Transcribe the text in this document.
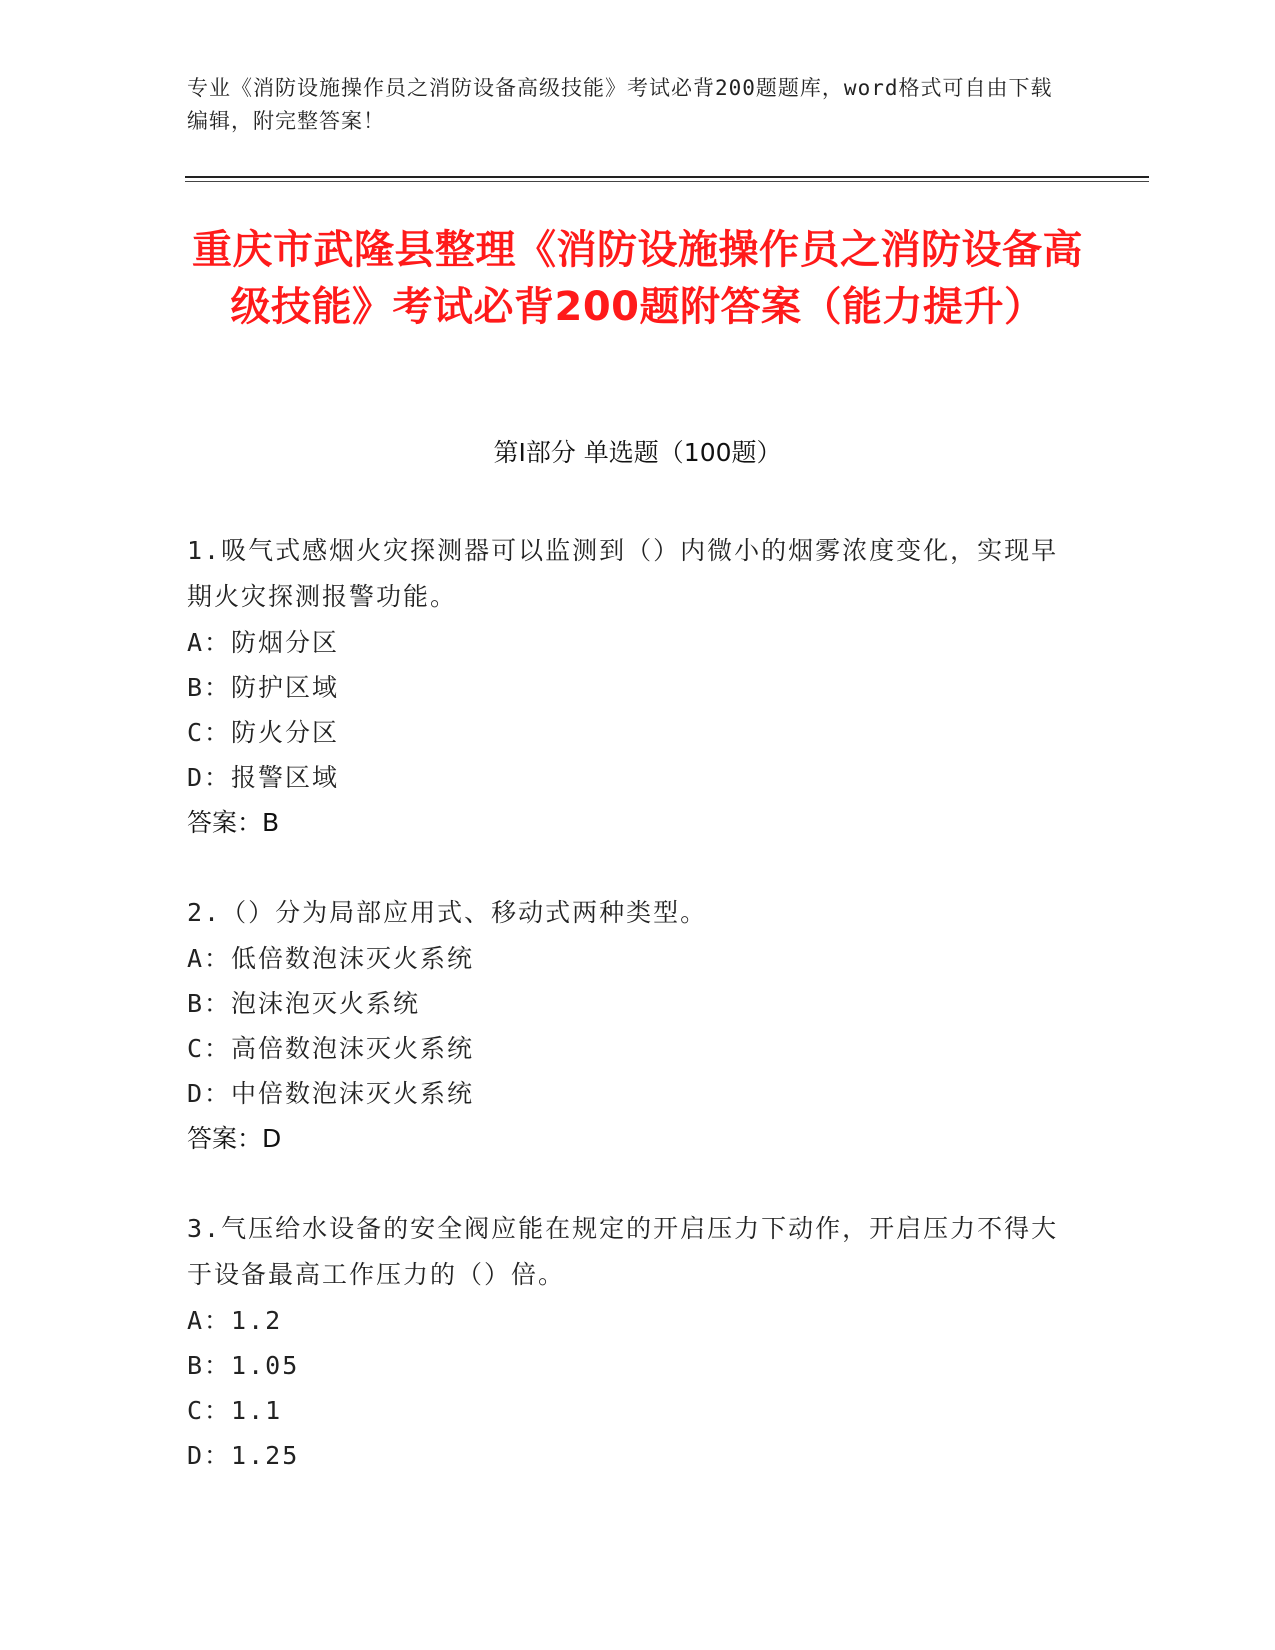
专业《消防设施操作员之消防设备高级技能》考试必背200题题库，word格式可自由下载编辑，附完整答案！
重庆市武隆县整理《消防设施操作员之消防设备高级技能》考试必背200题附答案（能力提升）
第I部分 单选题（100题）
1.吸气式感烟火灾探测器可以监测到（）内微小的烟雾浓度变化，实现早期火灾探测报警功能。
A：防烟分区
B：防护区域
C：防火分区
D：报警区域
答案：B
2.（）分为局部应用式、移动式两种类型。
A：低倍数泡沫灭火系统
B：泡沫泡灭火系统
C：高倍数泡沫灭火系统
D：中倍数泡沫灭火系统
答案：D
3.气压给水设备的安全阀应能在规定的开启压力下动作，开启压力不得大于设备最高工作压力的（）倍。
A：1.2
B：1.05
C：1.1
D：1.25
